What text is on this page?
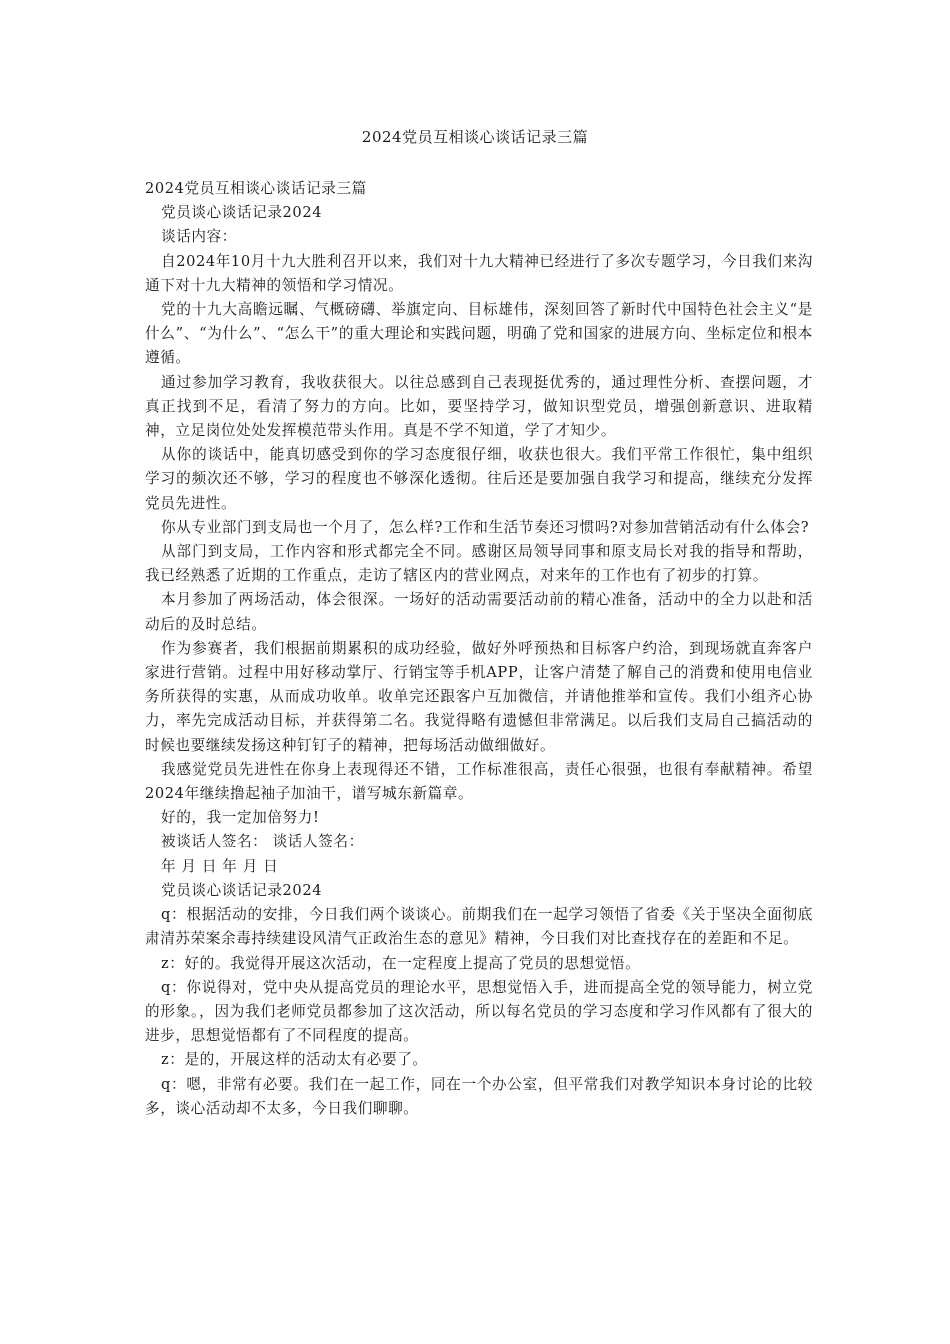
2024党员互相谈心谈话记录三篇

2024党员互相谈心谈话记录三篇

党员谈心谈话记录2024

谈话内容：

自2024年10月十九大胜利召开以来，我们对十九大精神已经进行了多次专题学习，今日我们来沟通下对十九大精神的领悟和学习情况。

党的十九大高瞻远瞩、气概磅礴、举旗定向、目标雄伟，深刻回答了新时代中国特色社会主义“是什么”、“为什么”、“怎么干”的重大理论和实践问题，明确了党和国家的进展方向、坐标定位和根本遵循。

通过参加学习教育，我收获很大。以往总感到自己表现挺优秀的，通过理性分析、查摆问题，才真正找到不足，看清了努力的方向。比如，要坚持学习，做知识型党员，增强创新意识、进取精神，立足岗位处处发挥模范带头作用。真是不学不知道，学了才知少。

从你的谈话中，能真切感受到你的学习态度很仔细，收获也很大。我们平常工作很忙，集中组织学习的频次还不够，学习的程度也不够深化透彻。往后还是要加强自我学习和提高，继续充分发挥党员先进性。

你从专业部门到支局也一个月了，怎么样?工作和生活节奏还习惯吗?对参加营销活动有什么体会?

从部门到支局，工作内容和形式都完全不同。感谢区局领导同事和原支局长对我的指导和帮助，我已经熟悉了近期的工作重点，走访了辖区内的营业网点，对来年的工作也有了初步的打算。

本月参加了两场活动，体会很深。一场好的活动需要活动前的精心准备，活动中的全力以赴和活动后的及时总结。

作为参赛者，我们根据前期累积的成功经验，做好外呼预热和目标客户约洽，到现场就直奔客户家进行营销。过程中用好移动掌厅、行销宝等手机APP，让客户清楚了解自己的消费和使用电信业务所获得的实惠，从而成功收单。收单完还跟客户互加微信，并请他推举和宣传。我们小组齐心协力，率先完成活动目标，并获得第二名。我觉得略有遗憾但非常满足。以后我们支局自己搞活动的时候也要继续发扬这种钉钉子的精神，把每场活动做细做好。

我感觉党员先进性在你身上表现得还不错，工作标准很高，责任心很强，也很有奉献精神。希望2024年继续撸起袖子加油干，谱写城东新篇章。

好的，我一定加倍努力!

被谈话人签名： 谈话人签名：

年 月 日 年 月 日

党员谈心谈话记录2024

q：根据活动的安排，今日我们两个谈谈心。前期我们在一起学习领悟了省委《关于坚决全面彻底肃清苏荣案余毒持续建设风清气正政治生态的意见》精神，今日我们对比查找存在的差距和不足。

z：好的。我觉得开展这次活动，在一定程度上提高了党员的思想觉悟。

q：你说得对，党中央从提高党员的理论水平，思想觉悟入手，进而提高全党的领导能力，树立党的形象。，因为我们老师党员都参加了这次活动，所以每名党员的学习态度和学习作风都有了很大的进步，思想觉悟都有了不同程度的提高。

z：是的，开展这样的活动太有必要了。

q：嗯，非常有必要。我们在一起工作，同在一个办公室，但平常我们对教学知识本身讨论的比较多，谈心活动却不太多，今日我们聊聊。
